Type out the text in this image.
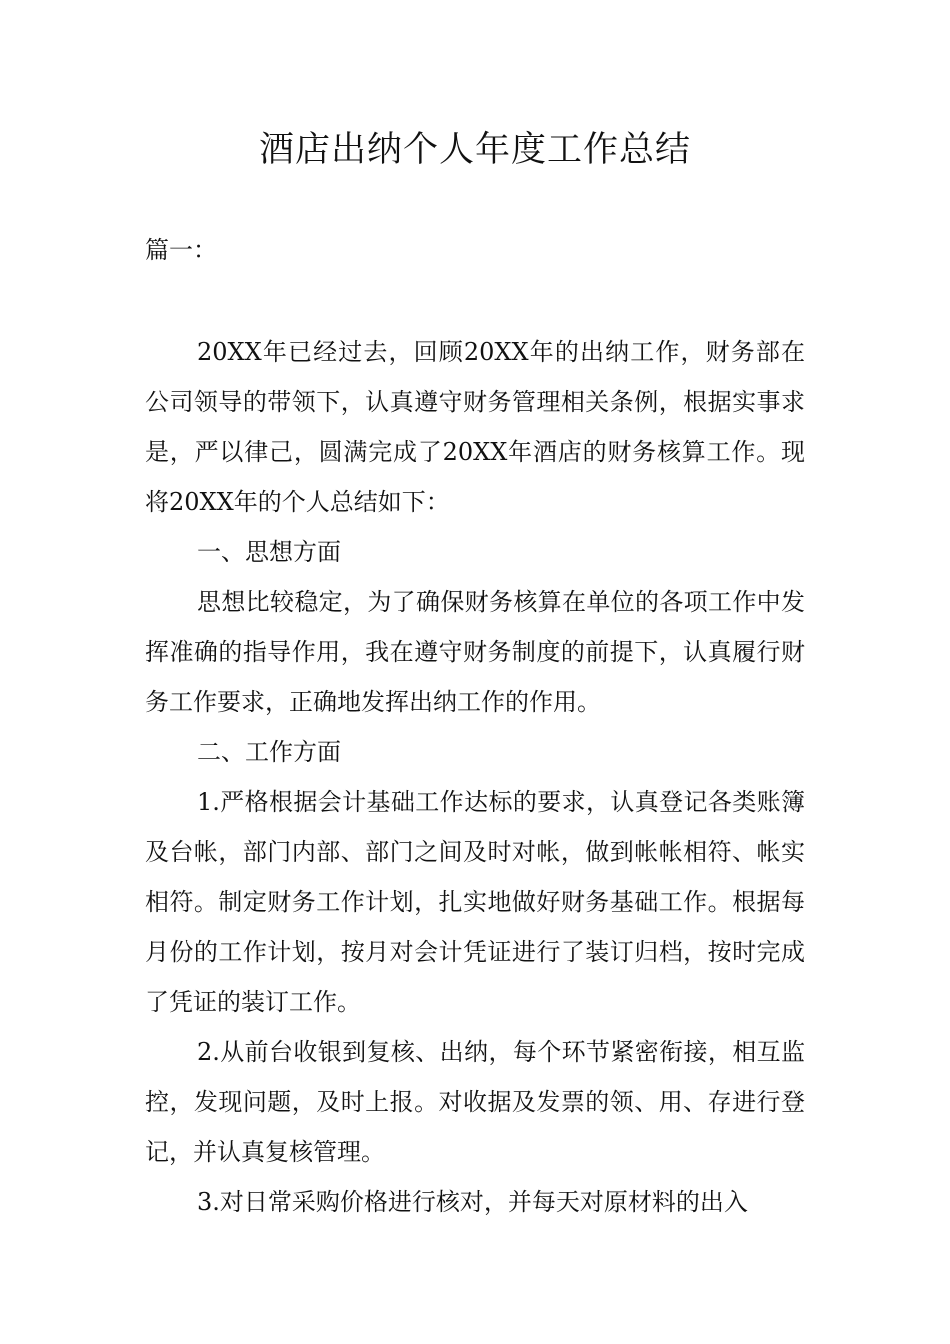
酒店出纳个人年度工作总结

篇一：

20XX年已经过去，回顾20XX年的出纳工作，财务部在公司领导的带领下，认真遵守财务管理相关条例，根据实事求是，严以律己，圆满完成了20XX年酒店的财务核算工作。现将20XX年的个人总结如下：

一、思想方面

思想比较稳定，为了确保财务核算在单位的各项工作中发挥准确的指导作用，我在遵守财务制度的前提下，认真履行财务工作要求，正确地发挥出纳工作的作用。

二、工作方面

1.严格根据会计基础工作达标的要求，认真登记各类账簿及台帐，部门内部、部门之间及时对帐，做到帐帐相符、帐实相符。制定财务工作计划，扎实地做好财务基础工作。根据每月份的工作计划，按月对会计凭证进行了装订归档，按时完成了凭证的装订工作。

2.从前台收银到复核、出纳，每个环节紧密衔接，相互监控，发现问题，及时上报。对收据及发票的领、用、存进行登记，并认真复核管理。

3.对日常采购价格进行核对，并每天对原材料的出入
